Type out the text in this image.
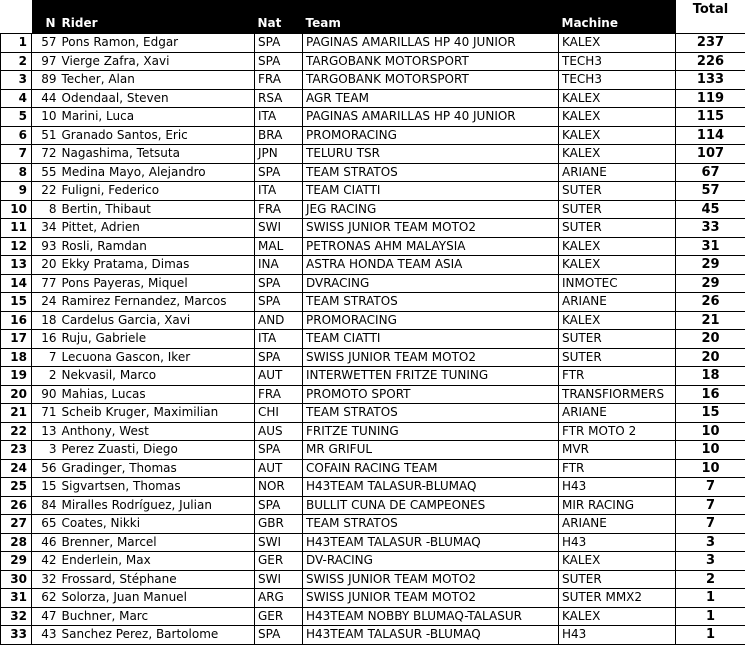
	N	Rider	Nat	Team	Machine	Total
1	57	Pons Ramon, Edgar	SPA	PAGINAS AMARILLAS HP 40 JUNIOR	KALEX	237
2	97	Vierge Zafra, Xavi	SPA	TARGOBANK MOTORSPORT	TECH3	226
3	89	Techer, Alan	FRA	TARGOBANK MOTORSPORT	TECH3	133
4	44	Odendaal, Steven	RSA	AGR TEAM	KALEX	119
5	10	Marini, Luca	ITA	PAGINAS AMARILLAS HP 40 JUNIOR	KALEX	115
6	51	Granado Santos, Eric	BRA	PROMORACING	KALEX	114
7	72	Nagashima, Tetsuta	JPN	TELURU TSR	KALEX	107
8	55	Medina Mayo, Alejandro	SPA	TEAM STRATOS	ARIANE	67
9	22	Fuligni, Federico	ITA	TEAM CIATTI	SUTER	57
10	8	Bertin, Thibaut	FRA	JEG RACING	SUTER	45
11	34	Pittet, Adrien	SWI	SWISS JUNIOR TEAM MOTO2	SUTER	33
12	93	Rosli, Ramdan	MAL	PETRONAS AHM MALAYSIA	KALEX	31
13	20	Ekky Pratama, Dimas	INA	ASTRA HONDA TEAM ASIA	KALEX	29
14	77	Pons Payeras, Miquel	SPA	DVRACING	INMOTEC	29
15	24	Ramirez Fernandez, Marcos	SPA	TEAM STRATOS	ARIANE	26
16	18	Cardelus Garcia, Xavi	AND	PROMORACING	KALEX	21
17	16	Ruju, Gabriele	ITA	TEAM CIATTI	SUTER	20
18	7	Lecuona Gascon, Iker	SPA	SWISS JUNIOR TEAM MOTO2	SUTER	20
19	2	Nekvasil, Marco	AUT	INTERWETTEN FRITZE TUNING	FTR	18
20	90	Mahias, Lucas	FRA	PROMOTO SPORT	TRANSFIORMERS	16
21	71	Scheib Kruger, Maximilian	CHI	TEAM STRATOS	ARIANE	15
22	13	Anthony, West	AUS	FRITZE TUNING	FTR MOTO 2	10
23	3	Perez Zuasti, Diego	SPA	MR GRIFUL	MVR	10
24	56	Gradinger, Thomas	AUT	COFAIN RACING TEAM	FTR	10
25	15	Sigvartsen, Thomas	NOR	H43TEAM TALASUR-BLUMAQ	H43	7
26	84	Miralles Rodríguez, Julian	SPA	BULLIT CUNA DE CAMPEONES	MIR RACING	7
27	65	Coates, Nikki	GBR	TEAM STRATOS	ARIANE	7
28	46	Brenner, Marcel	SWI	H43TEAM TALASUR -BLUMAQ	H43	3
29	42	Enderlein, Max	GER	DV-RACING	KALEX	3
30	32	Frossard, Stéphane	SWI	SWISS JUNIOR TEAM MOTO2	SUTER	2
31	62	Solorza, Juan Manuel	ARG	SWISS JUNIOR TEAM MOTO2	SUTER MMX2	1
32	47	Buchner, Marc	GER	H43TEAM NOBBY BLUMAQ-TALASUR	KALEX	1
33	43	Sanchez Perez, Bartolome	SPA	H43TEAM TALASUR -BLUMAQ	H43	1
